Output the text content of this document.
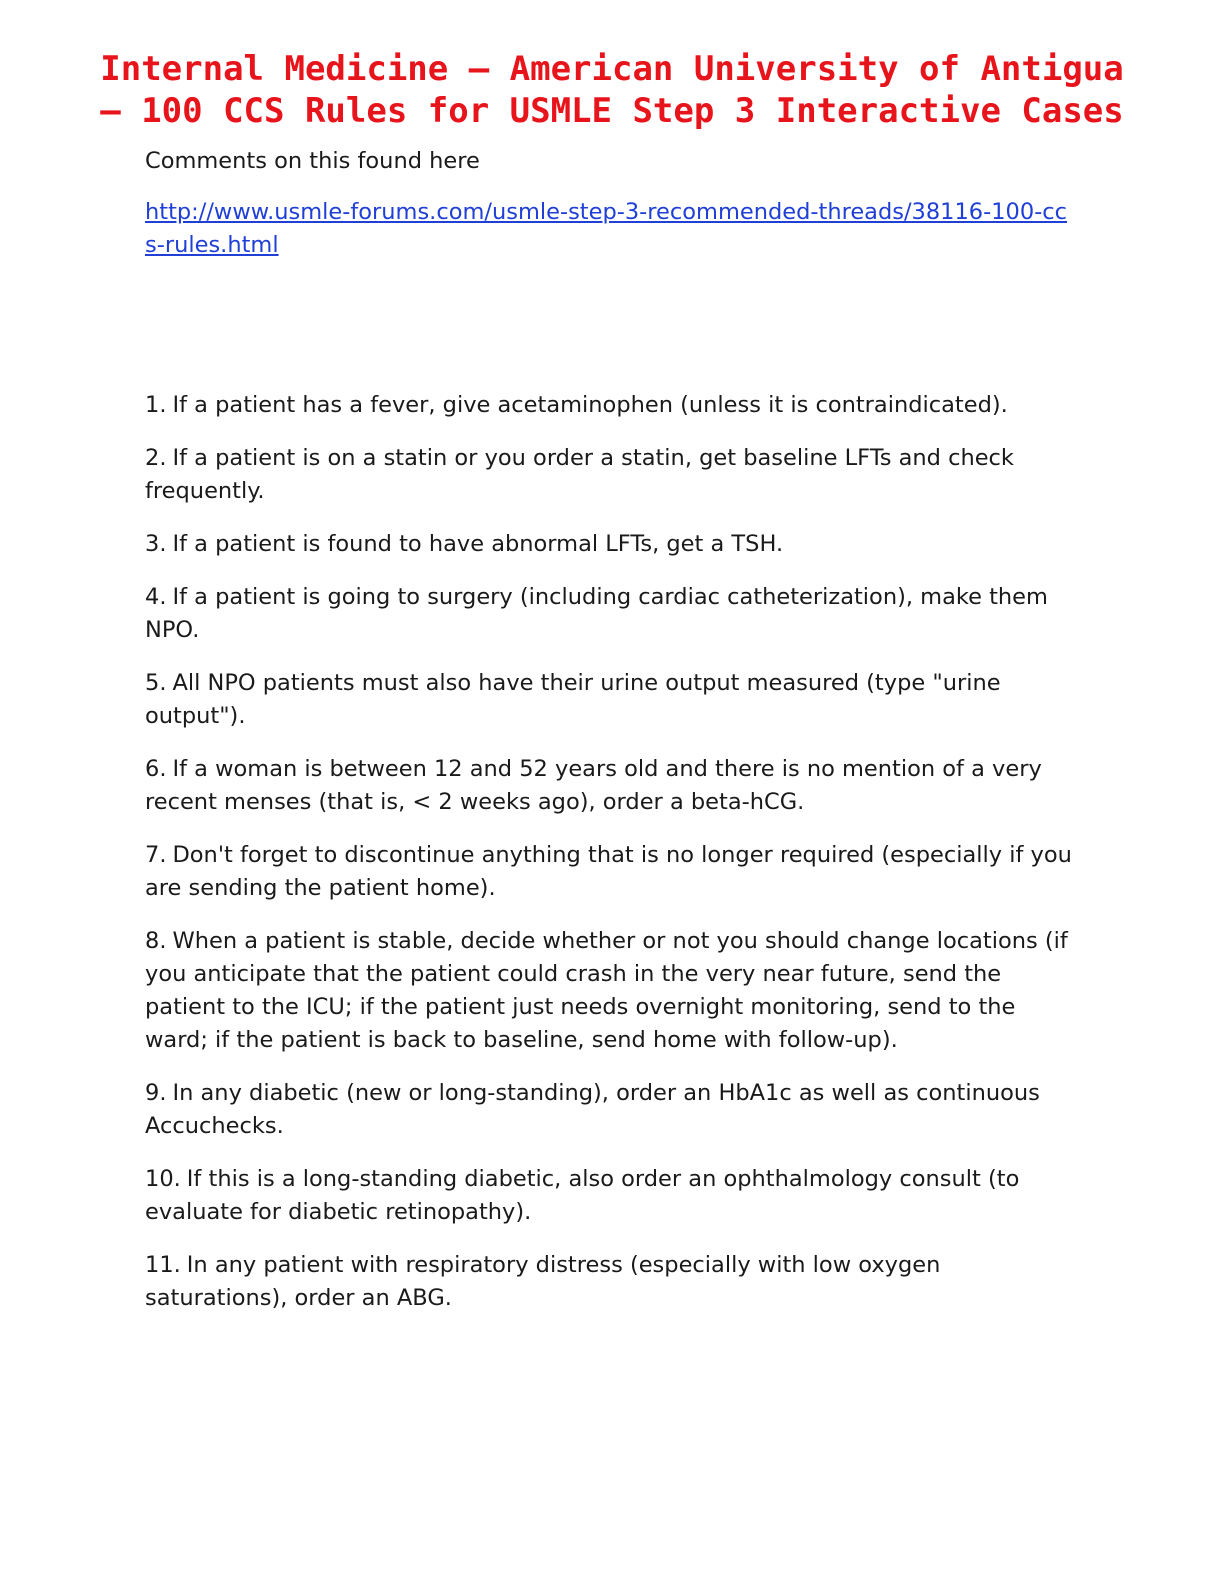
Internal Medicine – American University of Antigua
– 100 CCS Rules for USMLE Step 3 Interactive Cases

Comments on this found here

http://www.usmle-forums.com/usmle-step-3-recommended-threads/38116-100-ccs-rules.html
1. If a patient has a fever, give acetaminophen (unless it is contraindicated).
2. If a patient is on a statin or you order a statin, get baseline LFTs and check frequently.
3. If a patient is found to have abnormal LFTs, get a TSH.
4. If a patient is going to surgery (including cardiac catheterization), make them NPO.
5. All NPO patients must also have their urine output measured (type "urine output").
6. If a woman is between 12 and 52 years old and there is no mention of a very recent menses (that is, < 2 weeks ago), order a beta-hCG.
7. Don't forget to discontinue anything that is no longer required (especially if you are sending the patient home).
8. When a patient is stable, decide whether or not you should change locations (if you anticipate that the patient could crash in the very near future, send the patient to the ICU; if the patient just needs overnight monitoring, send to the ward; if the patient is back to baseline, send home with follow-up).
9. In any diabetic (new or long-standing), order an HbA1c as well as continuous Accuchecks.
10. If this is a long-standing diabetic, also order an ophthalmology consult (to evaluate for diabetic retinopathy).
11. In any patient with respiratory distress (especially with low oxygen saturations), order an ABG.
